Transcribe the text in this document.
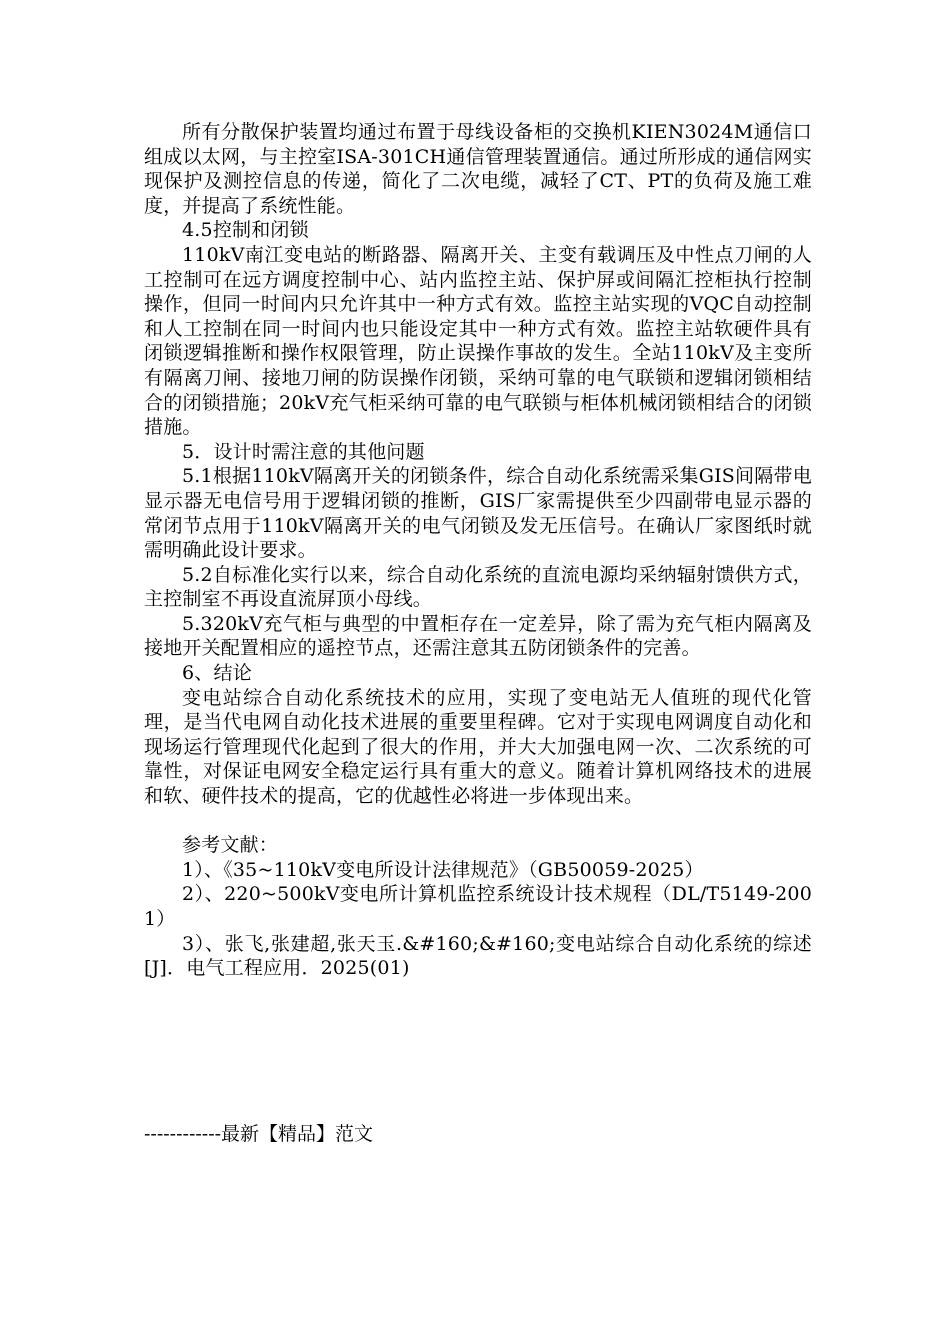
所有分散保护装置均通过布置于母线设备柜的交换机KIEN3024M通信口组成以太网，与主控室ISA-301CH通信管理装置通信。通过所形成的通信网实现保护及测控信息的传递，简化了二次电缆，减轻了CT、PT的负荷及施工难度，并提高了系统性能。

4.5控制和闭锁

110kV南江变电站的断路器、隔离开关、主变有载调压及中性点刀闸的人工控制可在远方调度控制中心、站内监控主站、保护屏或间隔汇控柜执行控制操作，但同一时间内只允许其中一种方式有效。监控主站实现的VQC自动控制和人工控制在同一时间内也只能设定其中一种方式有效。监控主站软硬件具有闭锁逻辑推断和操作权限管理，防止误操作事故的发生。全站110kV及主变所有隔离刀闸、接地刀闸的防误操作闭锁，采纳可靠的电气联锁和逻辑闭锁相结合的闭锁措施；20kV充气柜采纳可靠的电气联锁与柜体机械闭锁相结合的闭锁措施。

5．设计时需注意的其他问题

5.1根据110kV隔离开关的闭锁条件，综合自动化系统需采集GIS间隔带电显示器无电信号用于逻辑闭锁的推断，GIS厂家需提供至少四副带电显示器的常闭节点用于110kV隔离开关的电气闭锁及发无压信号。在确认厂家图纸时就需明确此设计要求。

5.2自标准化实行以来，综合自动化系统的直流电源均采纳辐射馈供方式，主控制室不再设直流屏顶小母线。

5.320kV充气柜与典型的中置柜存在一定差异，除了需为充气柜内隔离及接地开关配置相应的遥控节点，还需注意其五防闭锁条件的完善。

6、结论

变电站综合自动化系统技术的应用，实现了变电站无人值班的现代化管理，是当代电网自动化技术进展的重要里程碑。它对于实现电网调度自动化和现场运行管理现代化起到了很大的作用，并大大加强电网一次、二次系统的可靠性，对保证电网安全稳定运行具有重大的意义。随着计算机网络技术的进展和软、硬件技术的提高，它的优越性必将进一步体现出来。

参考文献：

1）、《35~110kV变电所设计法律规范》（GB50059-2025）

2）、220~500kV变电所计算机监控系统设计技术规程（DL/T5149-2001）

3）、张飞,张建超,张天玉.&#160;&#160;变电站综合自动化系统的综述[J]．电气工程应用．2025(01)

------------最新【精品】范文
